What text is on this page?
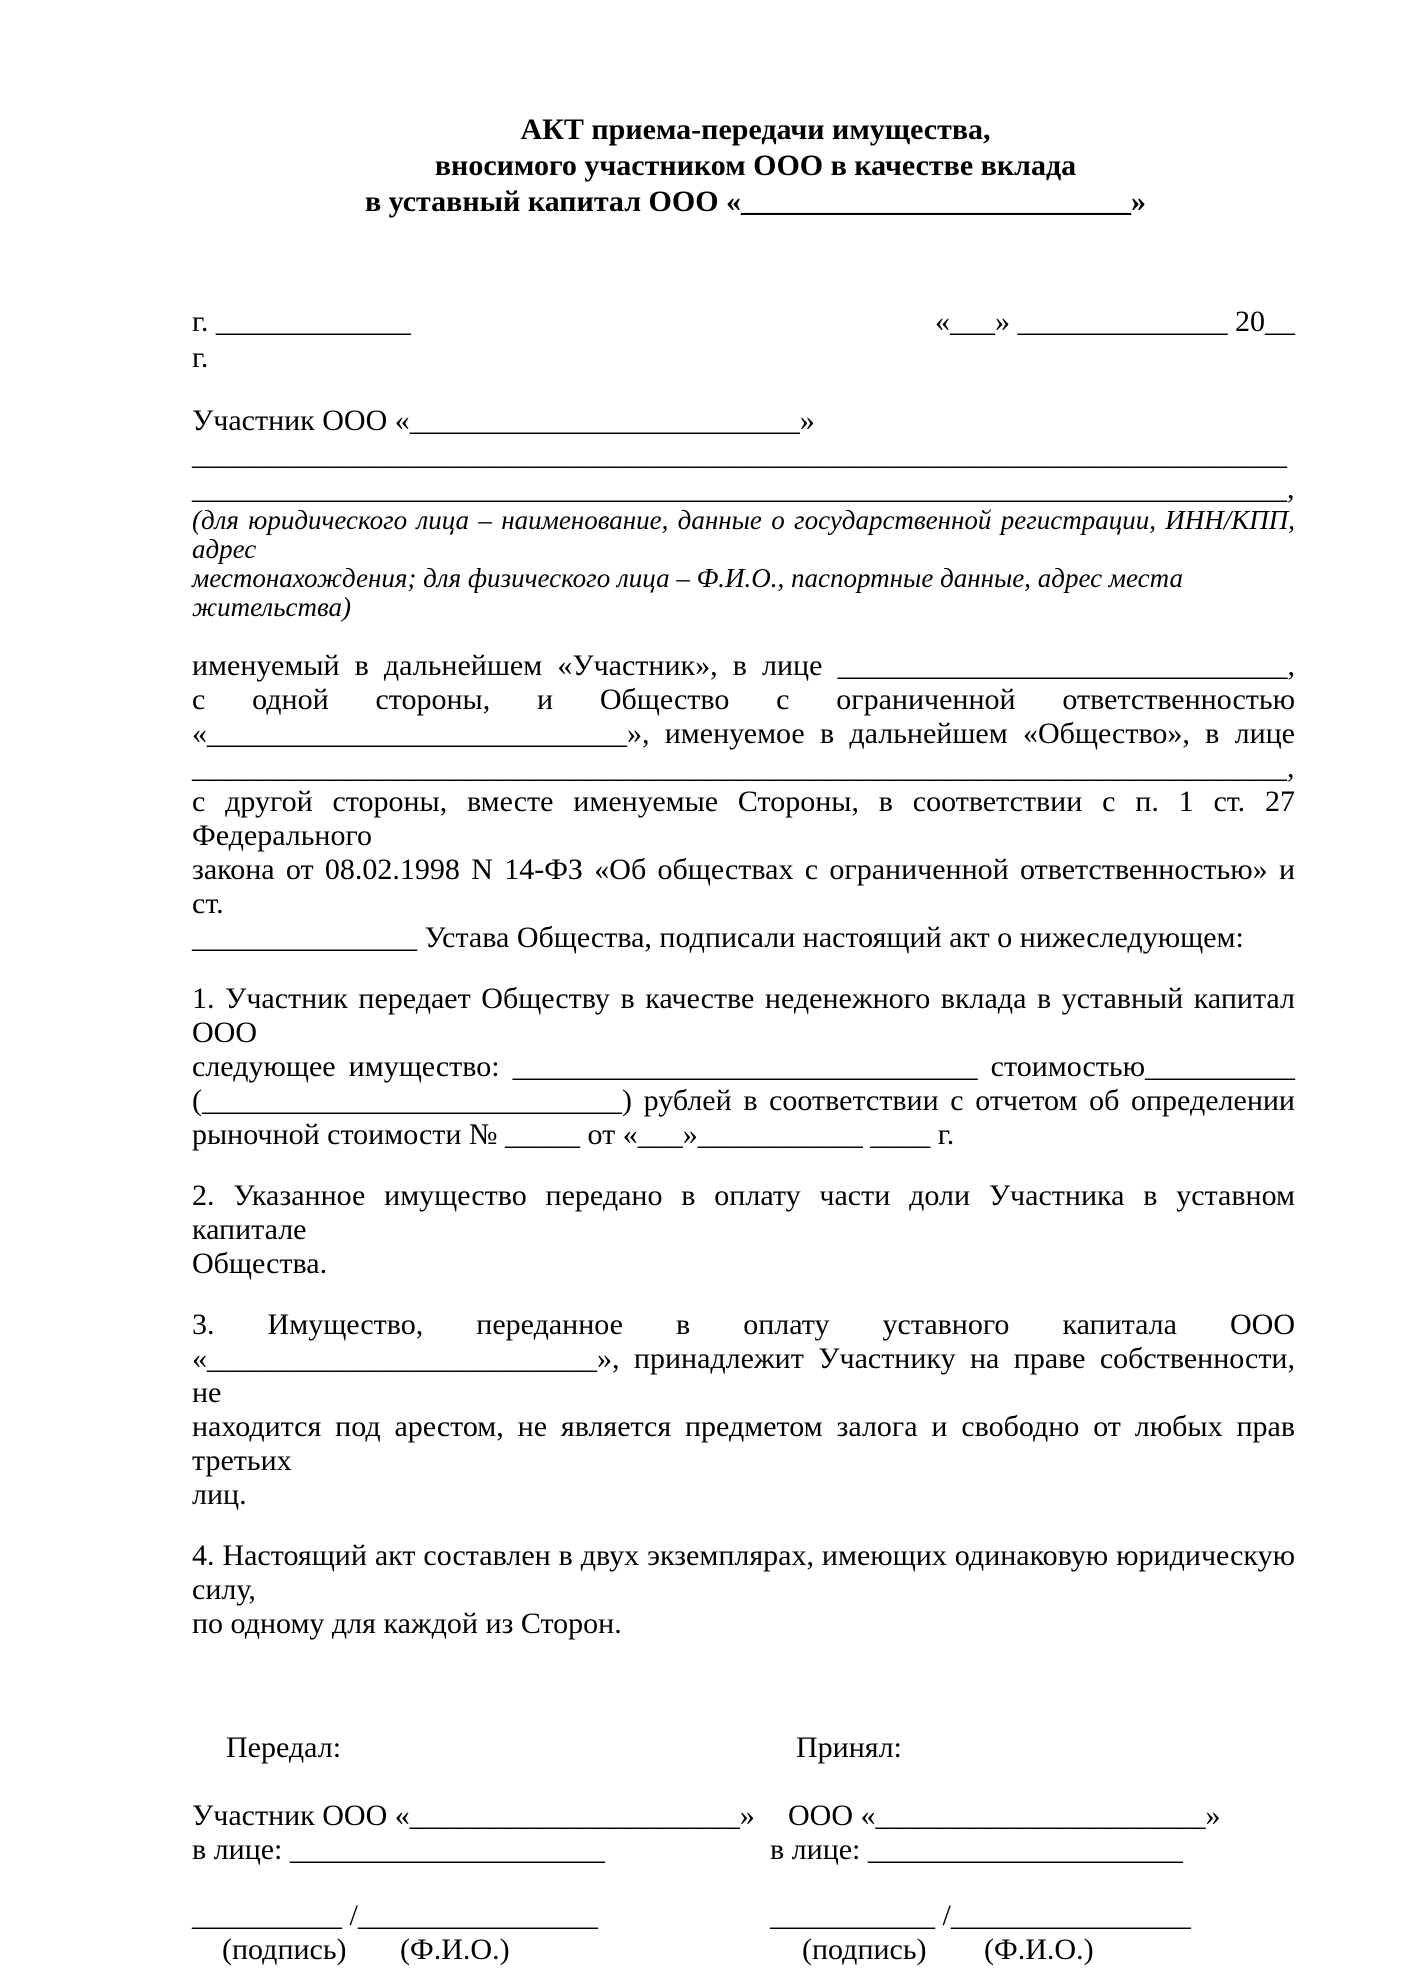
АКТ приема-передачи имущества,
вносимого участником ООО в качестве вклада
в уставный капитал ООО «__________________________»
г. _____________	«___» ______________ 20__
г.
Участник ООО «__________________________»
_________________________________________________________________________
_________________________________________________________________________,
(для юридического лица – наименование, данные о государственной регистрации, ИНН/КПП, адрес
местонахождения; для физического лица – Ф.И.О., паспортные данные, адрес места жительства)
именуемый в дальнейшем «Участник», в лице ______________________________,
с одной стороны, и Общество с ограниченной ответственностью
«____________________________», именуемое в дальнейшем «Общество», в лице
_________________________________________________________________________,
с другой стороны, вместе именуемые Стороны, в соответствии с п. 1 ст. 27 Федерального
закона от 08.02.1998 N 14-ФЗ «Об обществах с ограниченной ответственностью» и ст.
_______________ Устава Общества, подписали настоящий акт о нижеследующем:
1. Участник передает Обществу в качестве неденежного вклада в уставный капитал ООО
следующее имущество: _______________________________ стоимостью__________
(____________________________) рублей в соответствии с отчетом об определении
рыночной стоимости № _____ от «___»___________ ____ г.
2. Указанное имущество передано в оплату части доли Участника в уставном капитале
Общества.
3. Имущество, переданное в оплату уставного капитала ООО
«__________________________», принадлежит Участнику на праве собственности, не
находится под арестом, не является предметом залога и свободно от любых прав третьих
лиц.
4. Настоящий акт составлен в двух экземплярах, имеющих одинаковую юридическую силу,
по одному для каждой из Сторон.
Передал:	Принял:
Участник ООО «______________________»	ООО «______________________»
в лице: _____________________	в лице: _____________________
__________ /________________	___________ /________________
(подпись) (Ф.И.О.)	(подпись) (Ф.И.О.)
